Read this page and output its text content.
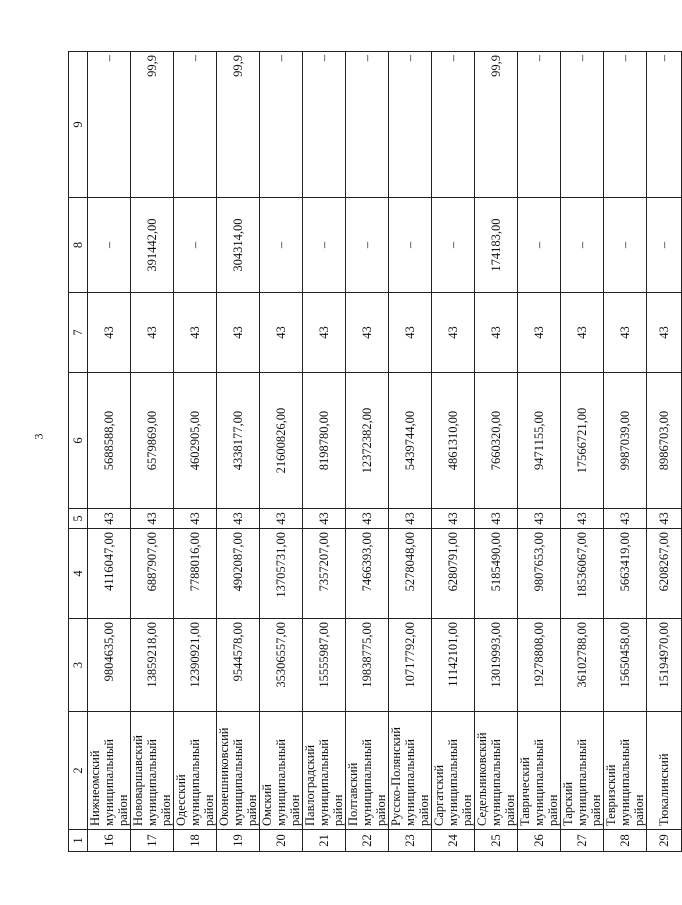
3
1	2	3	4	5	6	7	8	9
16	Нижнеомский муниципальный район	9804635,00	4116047,00	43	5688588,00	43	–	–
17	Нововаршавский муниципальный район	13859218,00	6887907,00	43	6579869,00	43	391442,00	99,9
18	Одесский муниципальный район	12390921,00	7788016,00	43	4602905,00	43	–	–
19	Оконешниковский муниципальный район	9544578,00	4902087,00	43	4338177,00	43	304314,00	99,9
20	Омский муниципальный район	35306557,00	13705731,00	43	21600826,00	43	–	–
21	Павлоградский муниципальный район	15555987,00	7357207,00	43	8198780,00	43	–	–
22	Полтавский муниципальный район	19838775,00	7466393,00	43	12372382,00	43	–	–
23	Русско-Полянский муниципальный район	10717792,00	5278048,00	43	5439744,00	43	–	–
24	Саргатский муниципальный район	11142101,00	6280791,00	43	4861310,00	43	–	–
25	Седельниковский муниципальный район	13019993,00	5185490,00	43	7660320,00	43	174183,00	99,9
26	Таврический муниципальный район	19278808,00	9807653,00	43	9471155,00	43	–	–
27	Тарский муниципальный район	36102788,00	18536067,00	43	17566721,00	43	–	–
28	Тевризский муниципальный район	15650458,00	5663419,00	43	9987039,00	43	–	–
29	Тюкалинский	15194970,00	6208267,00	43	8986703,00	43	–	–
